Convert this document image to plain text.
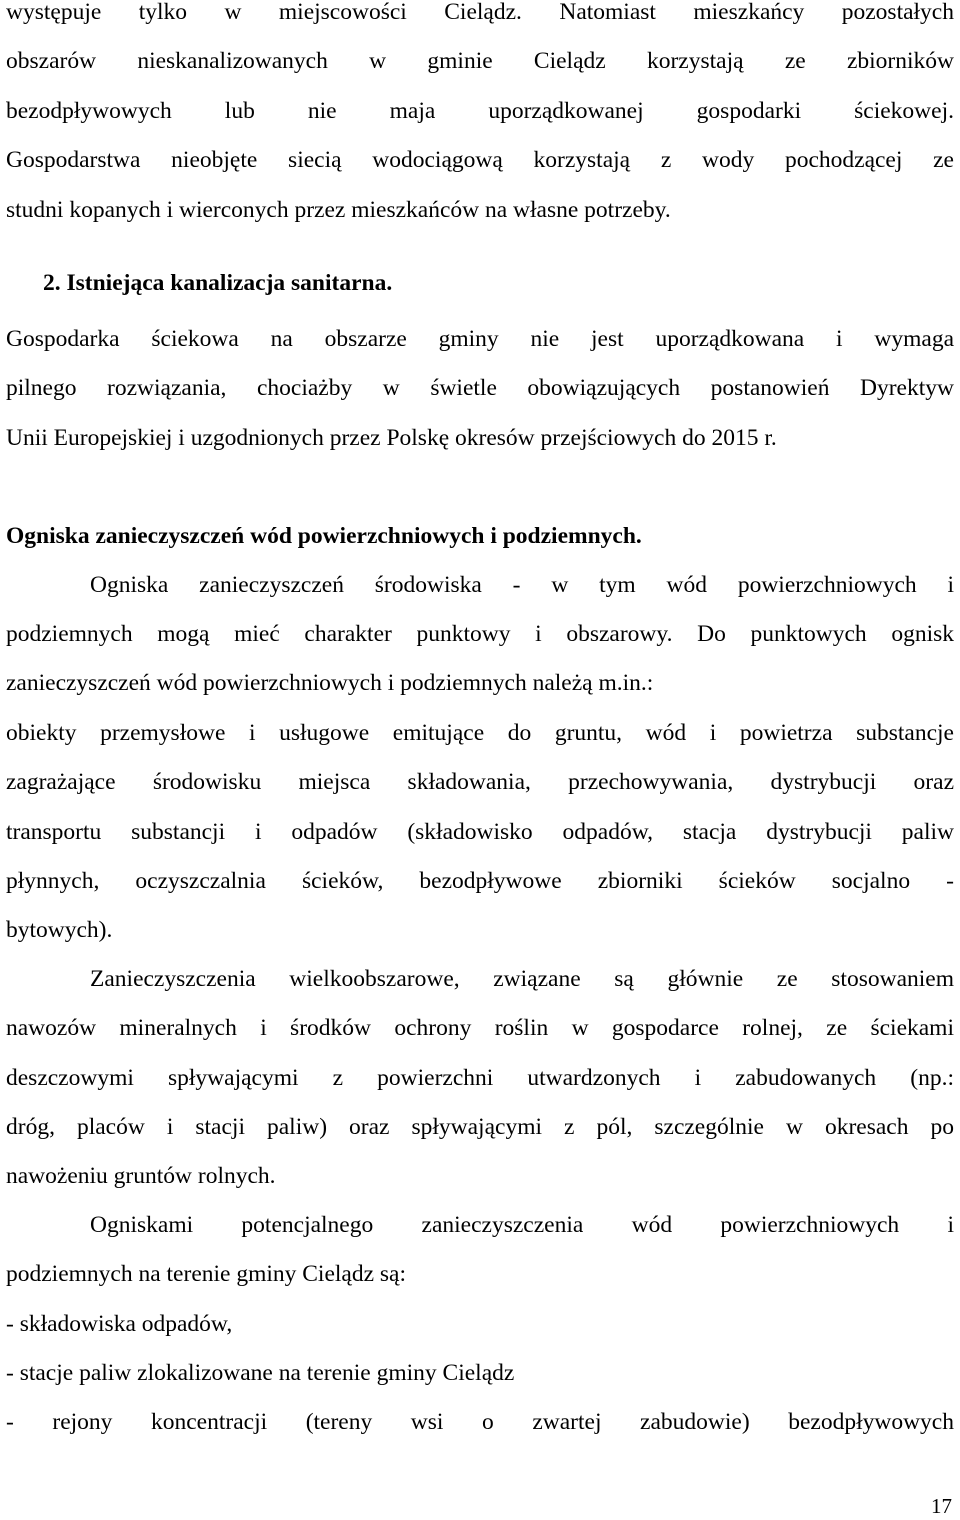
występuje tylko w miejscowości Cieląd​z. Natomiast mieszkańcy pozostałych
obszarów nieskanalizowanych w gminie Cielądz korzystają ze zbiorników
bezodpływowych lub nie maja uporządkowanej gospodarki ściekowej.
Gospodarstwa nieobjęte siecią wodociągową korzystają z wody pochodzącej ze
studni kopanych i wierconych przez mieszkańców na własne potrzeby.
2. Istniejąca kanalizacja sanitarna.
Gospodarka ściekowa na obszarze gminy nie jest uporządkowana i wymaga
pilnego rozwiązania, chociażby w świetle obowiązujących postanowień Dyrektyw
Unii Europejskiej i uzgodnionych przez Polskę okresów przejściowych do 2015 r.
Ogniska zanieczyszczeń wód powierzchniowych i podziemnych.
Ogniska zanieczyszczeń środowiska - w tym wód powierzchniowych i
podziemnych mogą mieć charakter punktowy i obszarowy. Do punktowych ognisk
zanieczyszczeń wód powierzchniowych i podziemnych należą m.in.:
obiekty przemysłowe i usługowe emitujące do gruntu, wód i powietrza substancje
zagrażające środowisku miejsca składowania, przechowywania, dystrybucji oraz
transportu substancji i odpadów (składowisko odpadów, stacja dystrybucji paliw
płynnych, oczyszczalnia ścieków, bezodpływowe zbiorniki ścieków socjalno -
bytowych).
Zanieczyszczenia wielkoobszarowe, związane są głównie ze stosowaniem
nawozów mineralnych i środków ochrony roślin w gospodarce rolnej, ze ściekami
deszczowymi spływającymi z powierzchni utwardzonych i zabudowanych (np.:
dróg, placów i stacji paliw) oraz spływającymi z pól, szczególnie w okresach po
nawożeniu gruntów rolnych.
Ogniskami potencjalnego zanieczyszczenia wód powierzchniowych i
podziemnych na terenie gminy Cielądz są:
- składowiska odpadów,
- stacje paliw zlokalizowane na terenie gminy Cielądz
- rejony koncentracji (tereny wsi o zwartej zabudowie) bezodpływowych
17
